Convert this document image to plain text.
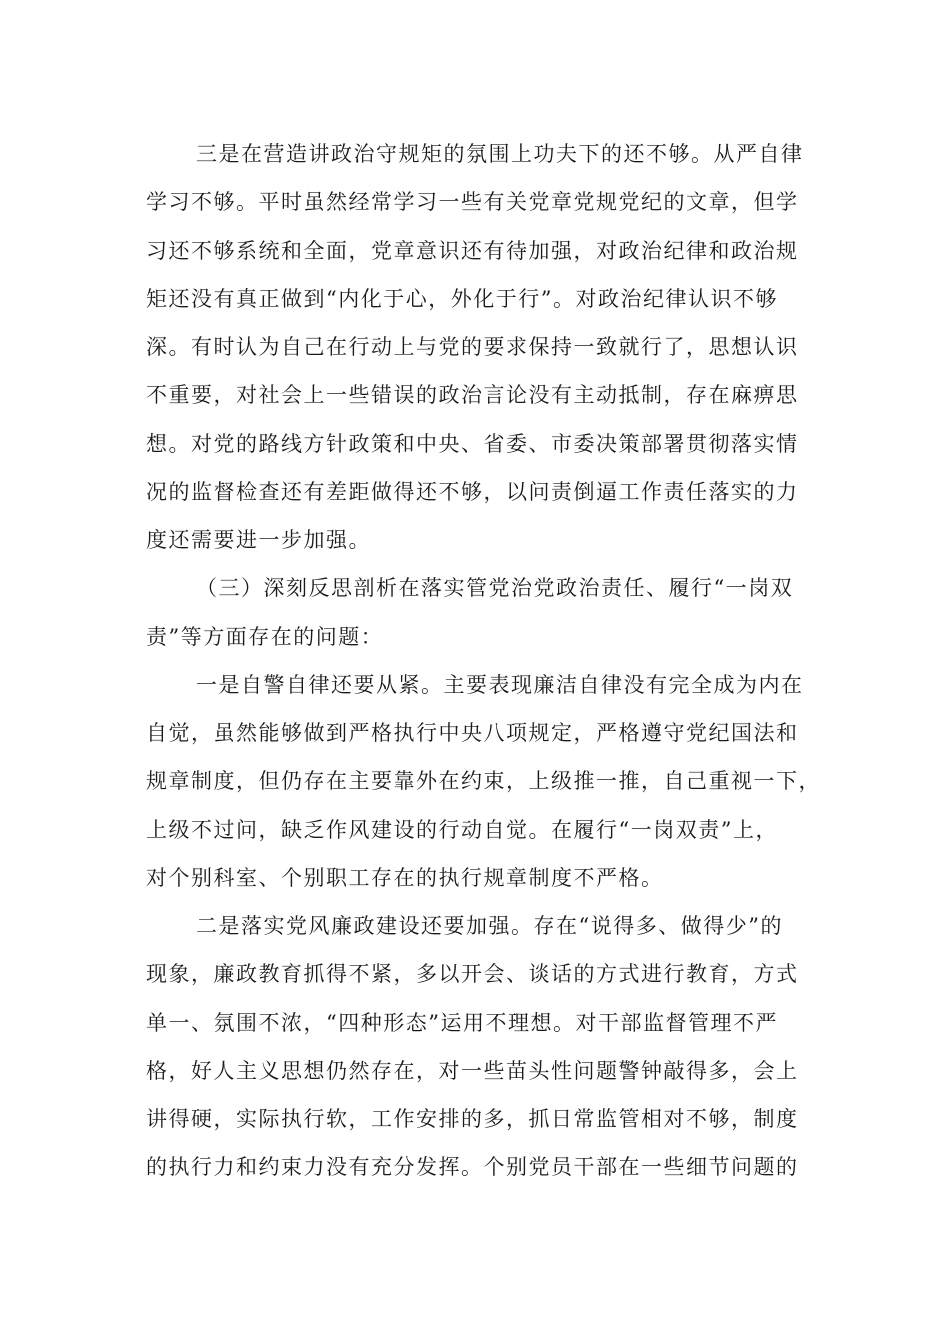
三是在营造讲政治守规矩的氛围上功夫下的还不够。从严自律
学习不够。平时虽然经常学习一些有关党章党规党纪的文章，但学
习还不够系统和全面，党章意识还有待加强，对政治纪律和政治规
矩还没有真正做到“内化于心，外化于行”。对政治纪律认识不够
深。有时认为自己在行动上与党的要求保持一致就行了，思想认识
不重要，对社会上一些错误的政治言论没有主动抵制，存在麻痹思
想。对党的路线方针政策和中央、省委、市委决策部署贯彻落实情
况的监督检查还有差距做得还不够，以问责倒逼工作责任落实的力
度还需要进一步加强。
（三）深刻反思剖析在落实管党治党政治责任、履行“一岗双
责”等方面存在的问题：
一是自警自律还要从紧。主要表现廉洁自律没有完全成为内在
自觉，虽然能够做到严格执行中央八项规定，严格遵守党纪国法和
规章制度，但仍存在主要靠外在约束，上级推一推，自己重视一下，
上级不过问，缺乏作风建设的行动自觉。在履行“一岗双责”上，
对个别科室、个别职工存在的执行规章制度不严格。
二是落实党风廉政建设还要加强。存在“说得多、做得少”的
现象，廉政教育抓得不紧，多以开会、谈话的方式进行教育，方式
单一、氛围不浓，“四种形态”运用不理想。对干部监督管理不严
格，好人主义思想仍然存在，对一些苗头性问题警钟敲得多，会上
讲得硬，实际执行软，工作安排的多，抓日常监管相对不够，制度
的执行力和约束力没有充分发挥。个别党员干部在一些细节问题的
